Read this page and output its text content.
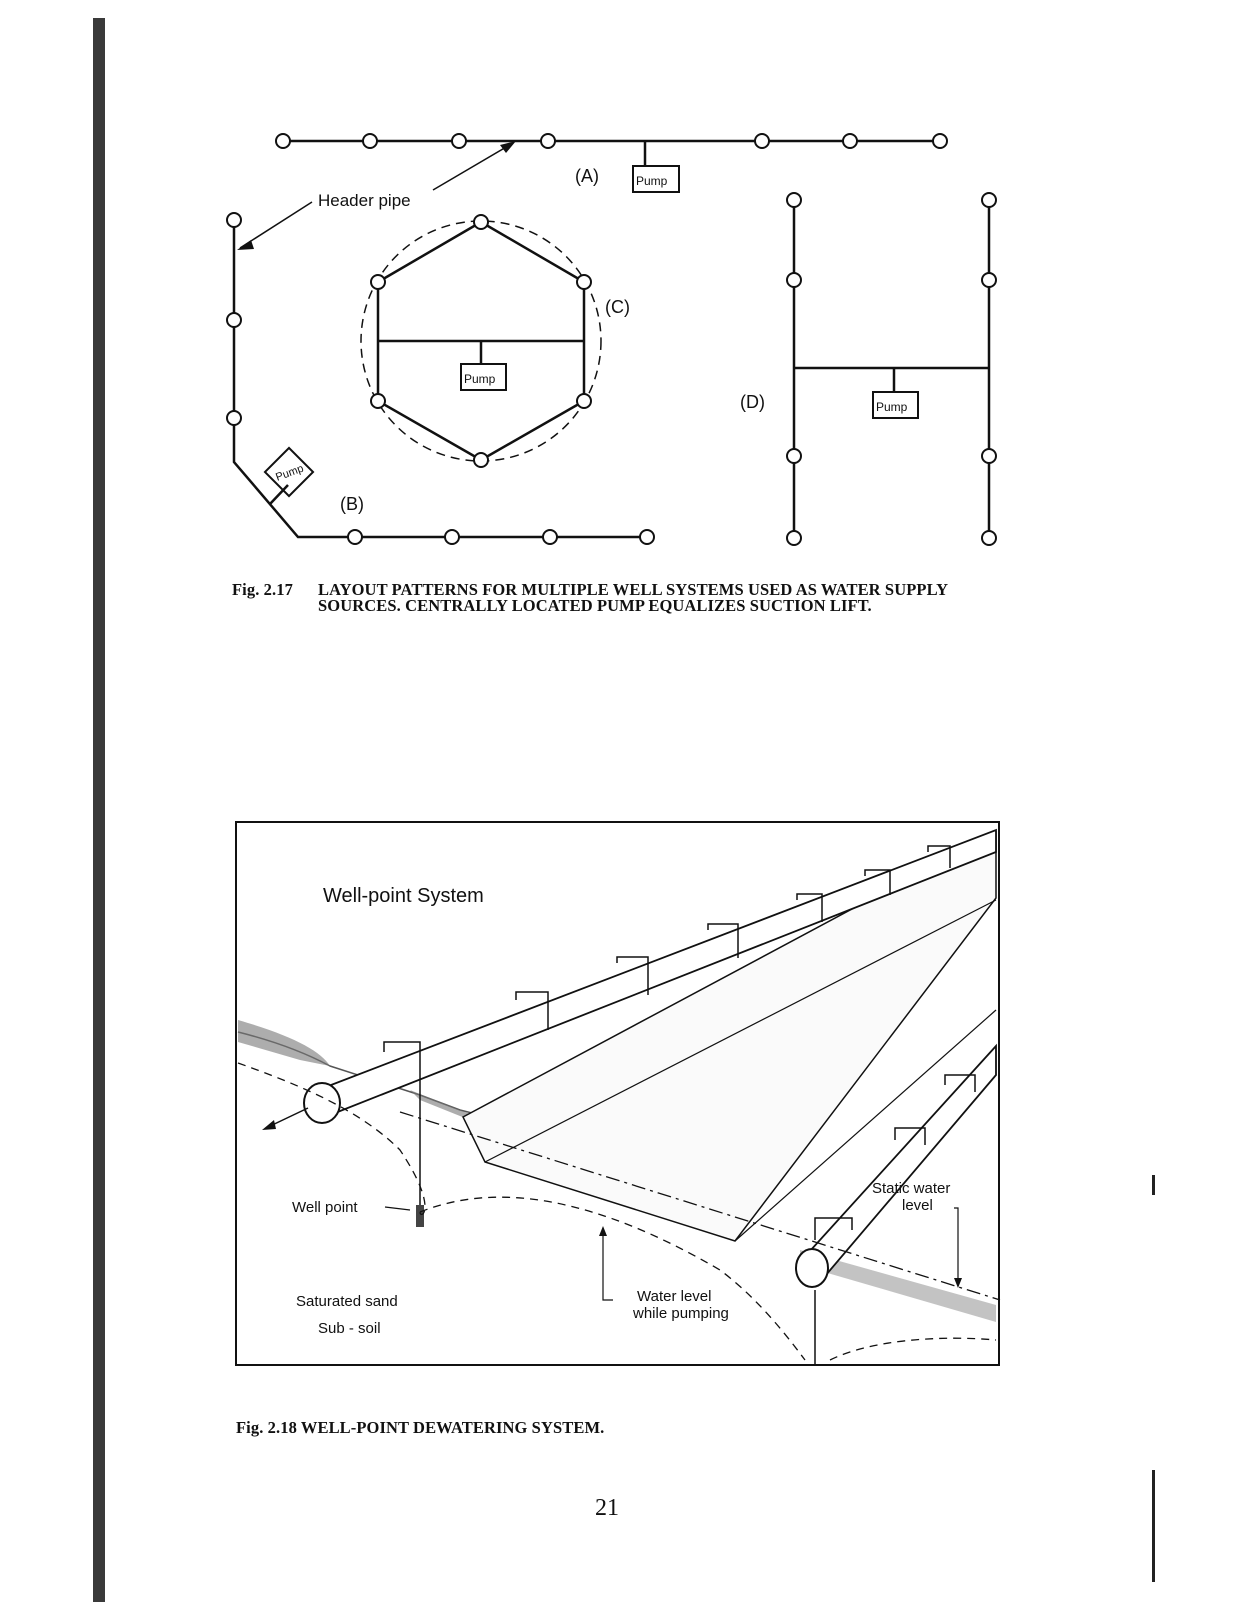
(A)
(B)
(C)
(D)
Header pipe
Pump
Pump
Pump
Pump
Well-point System
Well point
Static water
level
Water level
while pumping
Saturated sand
Sub - soil
Fig. 2.17 LAYOUT PATTERNS FOR MULTIPLE WELL SYSTEMS USED AS WATER SUPPLY SOURCES. CENTRALLY LOCATED PUMP EQUALIZES SUCTION LIFT.
Fig. 2.18 WELL-POINT DEWATERING SYSTEM.
21
